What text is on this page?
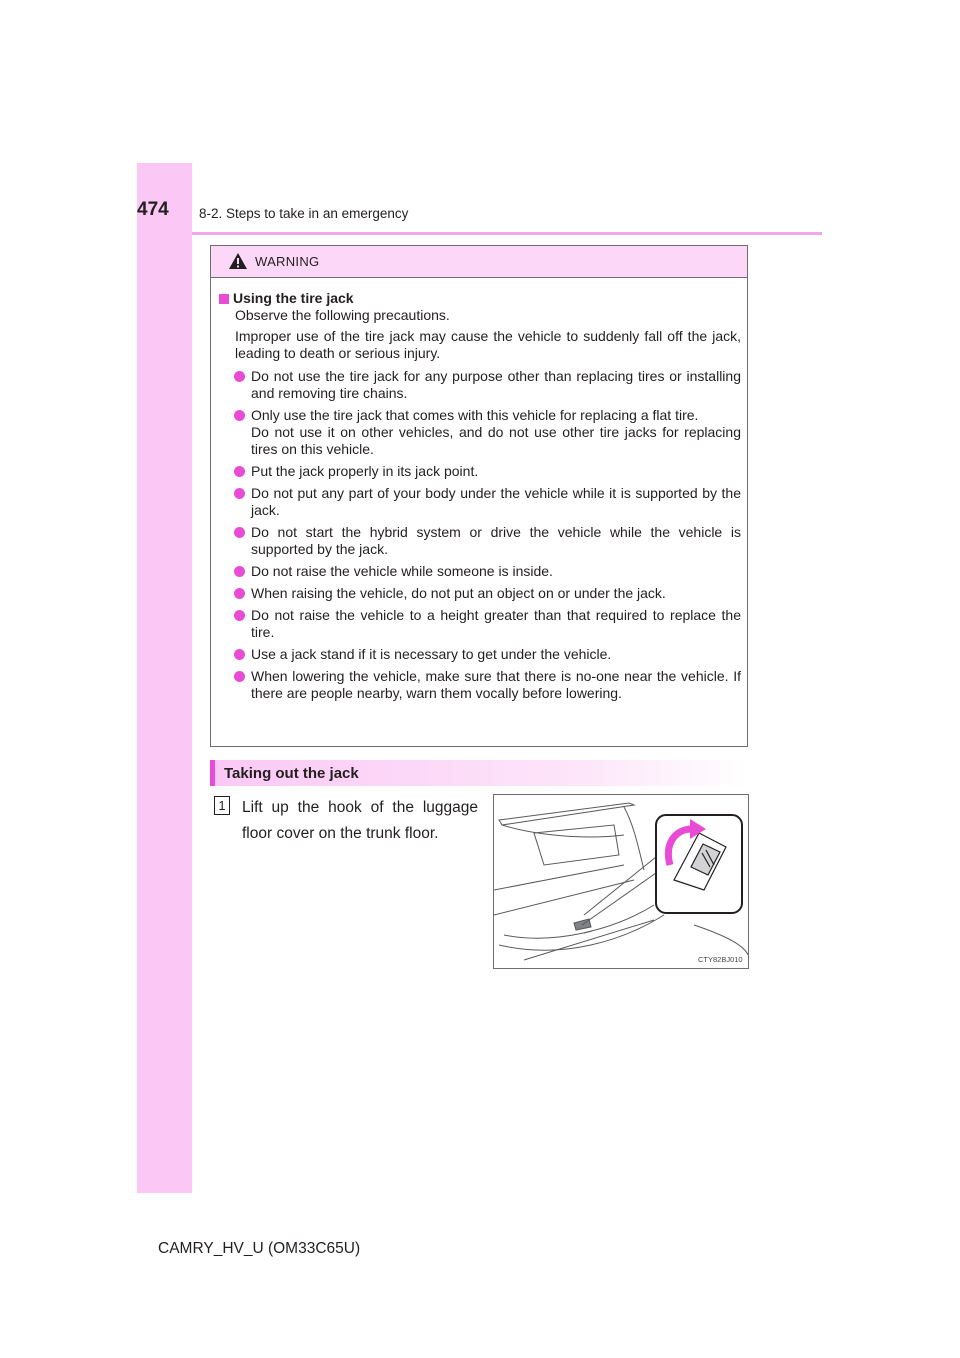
474 8-2. Steps to take in an emergency
WARNING
Using the tire jack
Observe the following precautions.
Improper use of the tire jack may cause the vehicle to suddenly fall off the jack, leading to death or serious injury.
Do not use the tire jack for any purpose other than replacing tires or installing and removing tire chains.
Only use the tire jack that comes with this vehicle for replacing a flat tire.
Do not use it on other vehicles, and do not use other tire jacks for replacing tires on this vehicle.
Put the jack properly in its jack point.
Do not put any part of your body under the vehicle while it is supported by the jack.
Do not start the hybrid system or drive the vehicle while the vehicle is supported by the jack.
Do not raise the vehicle while someone is inside.
When raising the vehicle, do not put an object on or under the jack.
Do not raise the vehicle to a height greater than that required to replace the tire.
Use a jack stand if it is necessary to get under the vehicle.
When lowering the vehicle, make sure that there is no-one near the vehicle. If there are people nearby, warn them vocally before lowering.
Taking out the jack
1 Lift up the hook of the luggage floor cover on the trunk floor.
CTY82BJ010
CAMRY_HV_U (OM33C65U)
